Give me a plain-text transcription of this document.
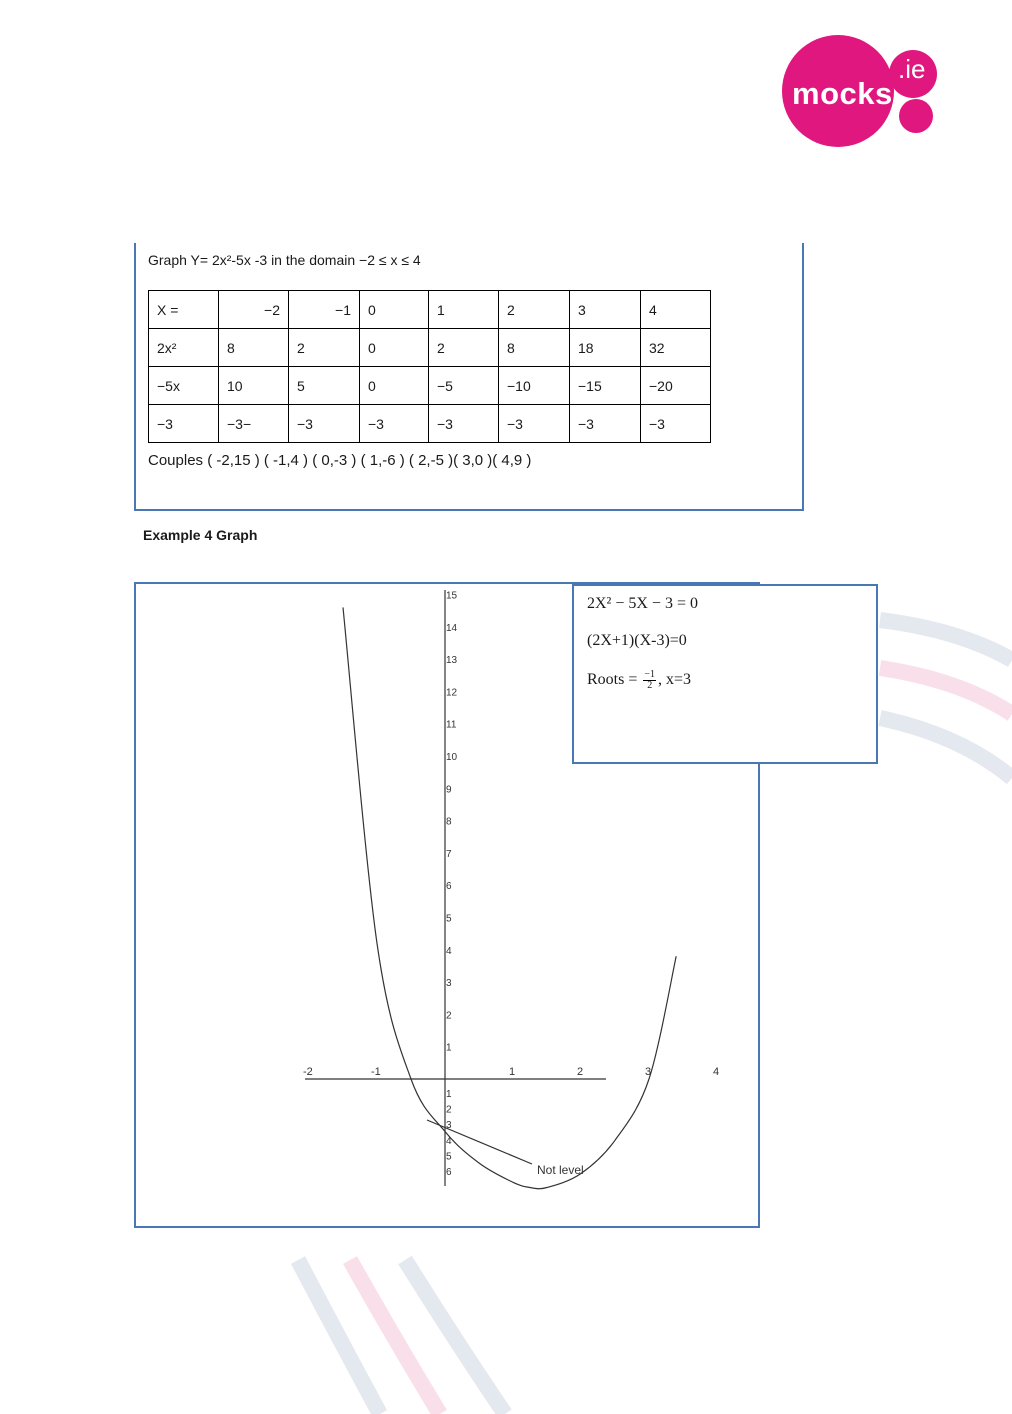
mocks
.ie
Graph Y= 2x²-5x -3 in the domain −2 ≤ x ≤ 4
X =	−2	−1	0	1	2	3	4
2x²	8	2	0	2	8	18	32
−5x	10	5	0	−5	−10	−15	−20
−3	−3−	−3	−3	−3	−3	−3	−3
Couples ( -2,15 ) ( -1,4 ) ( 0,-3 ) ( 1,-6 ) ( 2,-5 )( 3,0 )( 4,9 )
Example 4 Graph
-2	-1	1	2	3	4
15
14
13
12
11
10
9
8
7
6
5
4
3
2
1
1
2
3
4
5
6	Not level
2X² − 5X − 3 = 0
(2X+1)(X-3)=0
Roots = $\frac{-1}{2}$ , x=3
